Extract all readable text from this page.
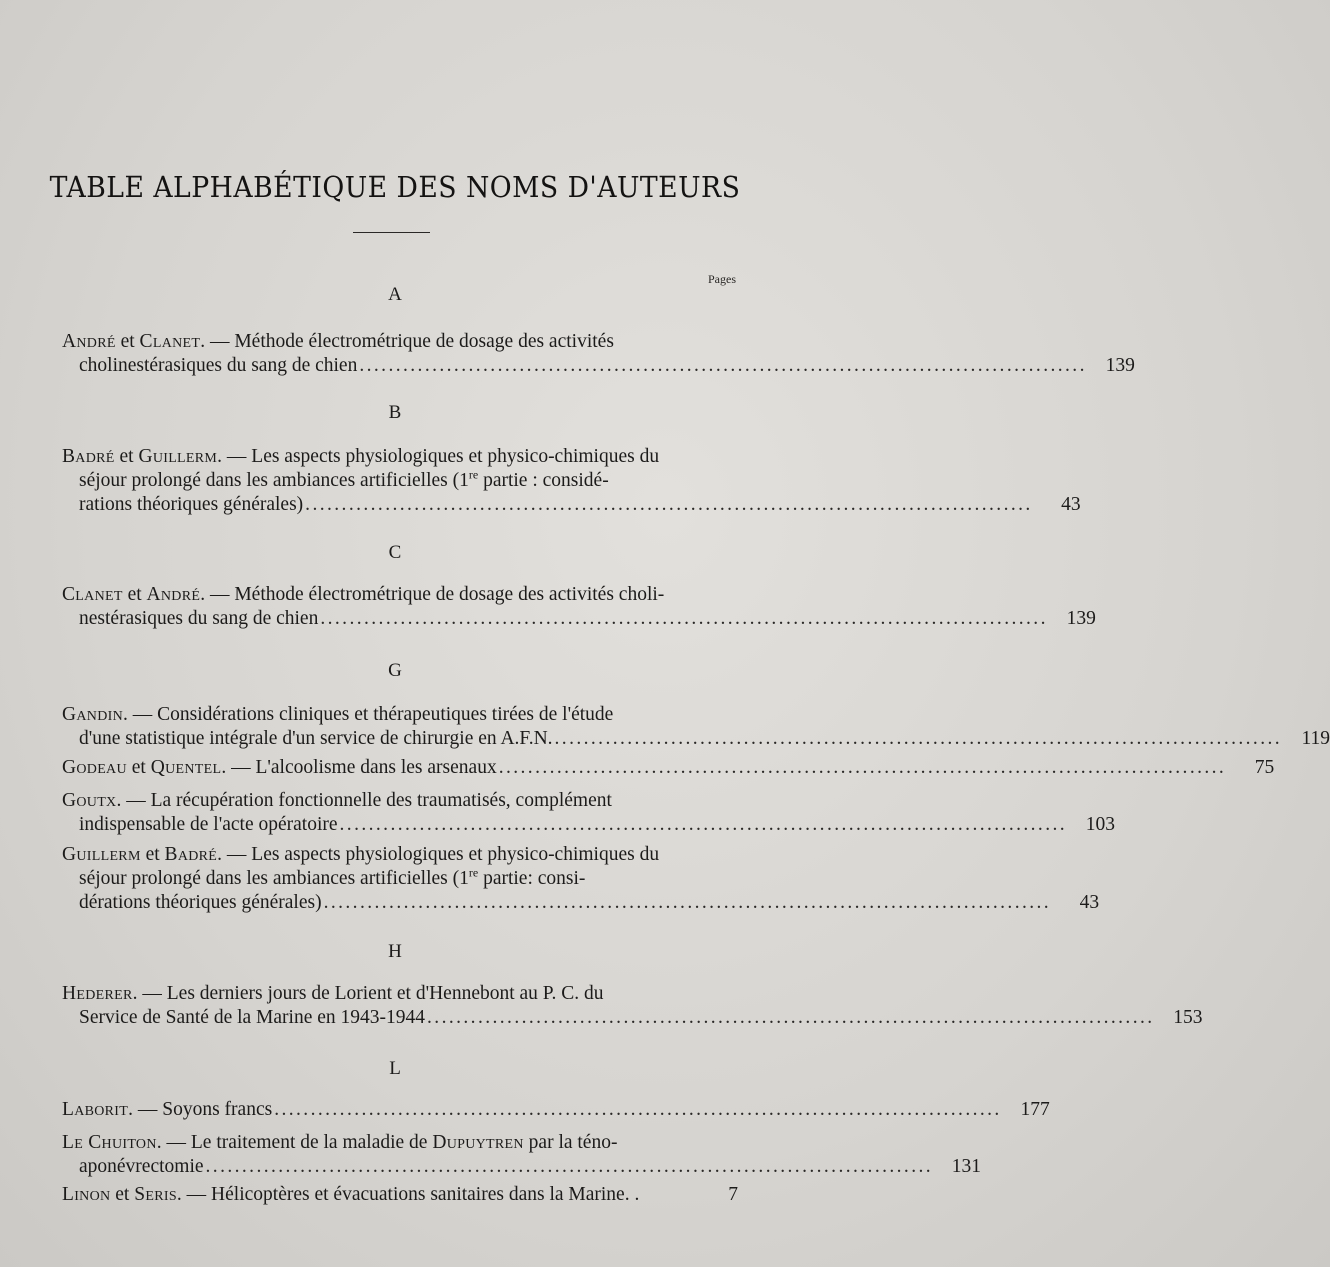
TABLE ALPHABÉTIQUE DES NOMS D'AUTEURS
Pages
A
André et Clanet. — Méthode électrométrique de dosage des activités
cholinestérasiques du sang de chien .................................................................................................... 139
B
Badré et Guillerm. — Les aspects physiologiques et physico-chimiques du séjour prolongé dans les ambiances artificielles (1re partie : considé-
rations théoriques générales) ....................................................................................................	43
C
Clanet et André. — Méthode électrométrique de dosage des activités choli-
nestérasiques du sang de chien .................................................................................................... 139
G
Gandin. — Considérations cliniques et thérapeutiques tirées de l'étude
d'une statistique intégrale d'un service de chirurgie en A.F.N. .................................................................................................... 119
Godeau et Quentel. — L'alcoolisme dans les arsenaux ....................................................................................................	75
Goutx. — La récupération fonctionnelle des traumatisés, complément
indispensable de l'acte opératoire .................................................................................................... 103
Guillerm et Badré. — Les aspects physiologiques et physico-chimiques du séjour prolongé dans les ambiances artificielles (1re partie: consi-
dérations théoriques générales) ....................................................................................................	43
H
Hederer. — Les derniers jours de Lorient et d'Hennebont au P. C. du
Service de Santé de la Marine en 1943-1944 .................................................................................................... 153
L
Laborit. — Soyons francs .................................................................................................... 177
Le Chuiton. — Le traitement de la maladie de Dupuytren par la téno-
aponévrectomie .................................................................................................... 131
Linon et Seris. — Hélicoptères et évacuations sanitaires dans la Marine. .	7
